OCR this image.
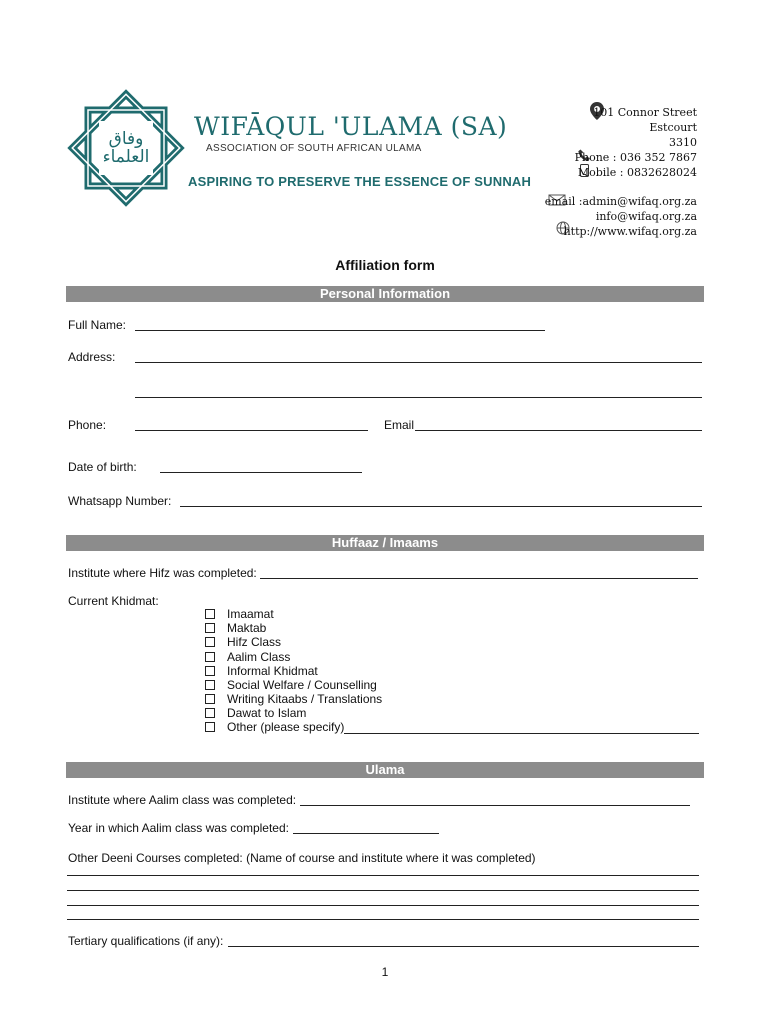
وفاق العلماء
WIFĀQUL 'ULAMA (SA)
ASSOCIATION OF SOUTH AFRICAN ULAMA
ASPIRING TO PRESERVE THE ESSENCE OF SUNNAH
101 Connor Street
Estcourt
3310
Phone : 036 352 7867
Mobile : 0832628024
email :admin@wifaq.org.za
info@wifaq.org.za
http://www.wifaq.org.za
Affiliation form
Personal Information
Full Name:
Address:
Phone:	Email
Date of birth:
Whatsapp Number:
Huffaaz / Imaams
Institute where Hifz was completed:
Current Khidmat:
Imaamat
Maktab
Hifz Class
Aalim Class
Informal Khidmat
Social Welfare / Counselling
Writing Kitaabs / Translations
Dawat to Islam
Other (please specify)
Ulama
Institute where Aalim class was completed:
Year in which Aalim class was completed:
Other Deeni Courses completed: (Name of course and institute where it was completed)
Tertiary qualifications (if any):
1
